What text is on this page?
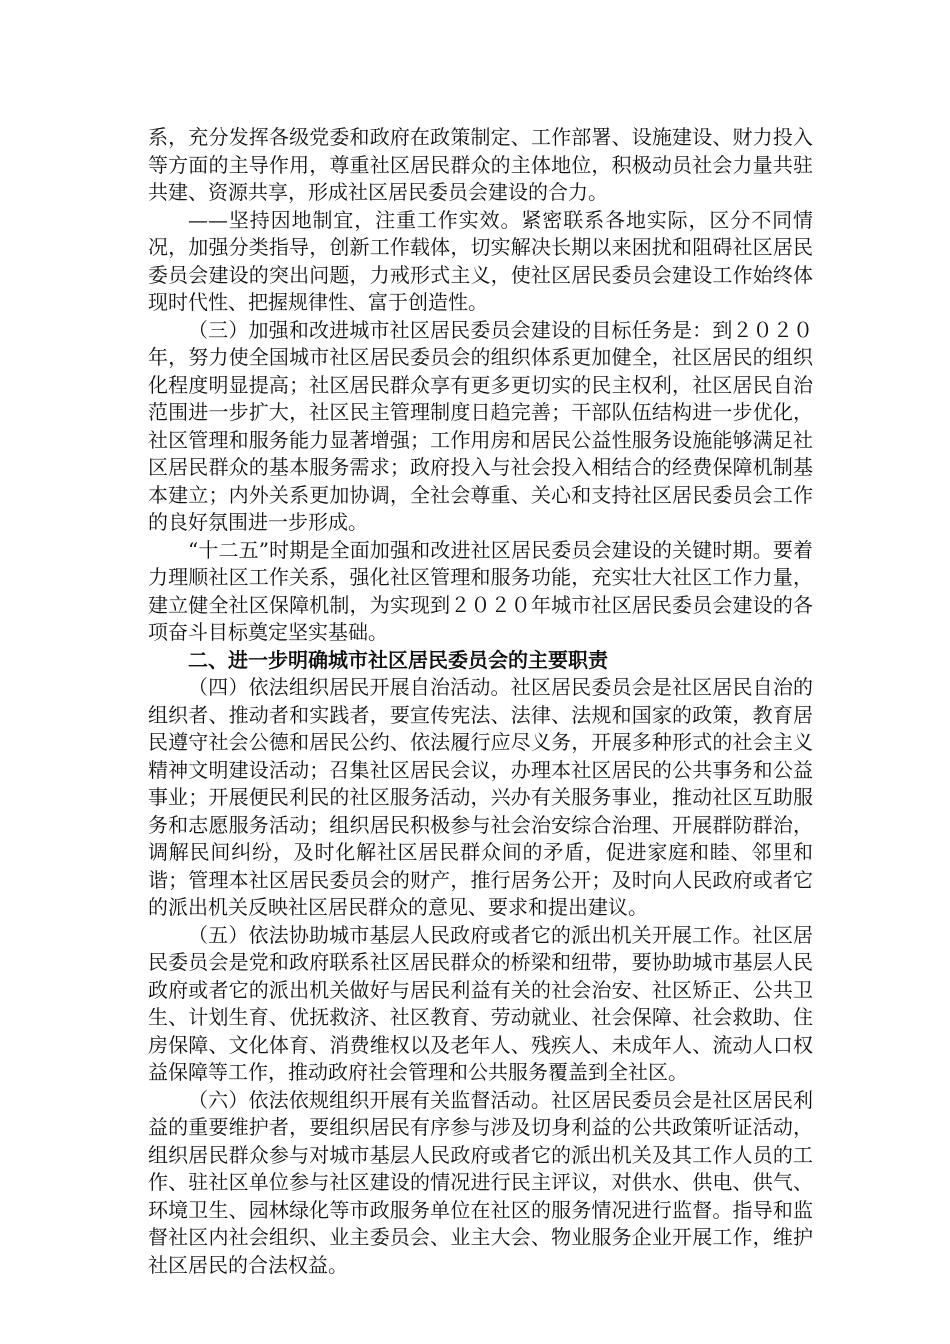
系，充分发挥各级党委和政府在政策制定、工作部署、设施建设、财力投入等方面的主导作用，尊重社区居民群众的主体地位，积极动员社会力量共驻共建、资源共享，形成社区居民委员会建设的合力。

——坚持因地制宜，注重工作实效。紧密联系各地实际，区分不同情况，加强分类指导，创新工作载体，切实解决长期以来困扰和阻碍社区居民委员会建设的突出问题，力戒形式主义，使社区居民委员会建设工作始终体现时代性、把握规律性、富于创造性。

（三）加强和改进城市社区居民委员会建设的目标任务是：到２０２０年，努力使全国城市社区居民委员会的组织体系更加健全，社区居民的组织化程度明显提高；社区居民群众享有更多更切实的民主权利，社区居民自治范围进一步扩大，社区民主管理制度日趋完善；干部队伍结构进一步优化，社区管理和服务能力显著增强；工作用房和居民公益性服务设施能够满足社区居民群众的基本服务需求；政府投入与社会投入相结合的经费保障机制基本建立；内外关系更加协调，全社会尊重、关心和支持社区居民委员会工作的良好氛围进一步形成。

“十二五”时期是全面加强和改进社区居民委员会建设的关键时期。要着力理顺社区工作关系，强化社区管理和服务功能，充实壮大社区工作力量，建立健全社区保障机制，为实现到２０２０年城市社区居民委员会建设的各项奋斗目标奠定坚实基础。

二、进一步明确城市社区居民委员会的主要职责

（四）依法组织居民开展自治活动。社区居民委员会是社区居民自治的组织者、推动者和实践者，要宣传宪法、法律、法规和国家的政策，教育居民遵守社会公德和居民公约、依法履行应尽义务，开展多种形式的社会主义精神文明建设活动；召集社区居民会议，办理本社区居民的公共事务和公益事业；开展便民利民的社区服务活动，兴办有关服务事业，推动社区互助服务和志愿服务活动；组织居民积极参与社会治安综合治理、开展群防群治，调解民间纠纷，及时化解社区居民群众间的矛盾，促进家庭和睦、邻里和谐；管理本社区居民委员会的财产，推行居务公开；及时向人民政府或者它的派出机关反映社区居民群众的意见、要求和提出建议。

（五）依法协助城市基层人民政府或者它的派出机关开展工作。社区居民委员会是党和政府联系社区居民群众的桥梁和纽带，要协助城市基层人民政府或者它的派出机关做好与居民利益有关的社会治安、社区矫正、公共卫生、计划生育、优抚救济、社区教育、劳动就业、社会保障、社会救助、住房保障、文化体育、消费维权以及老年人、残疾人、未成年人、流动人口权益保障等工作，推动政府社会管理和公共服务覆盖到全社区。

（六）依法依规组织开展有关监督活动。社区居民委员会是社区居民利益的重要维护者，要组织居民有序参与涉及切身利益的公共政策听证活动，组织居民群众参与对城市基层人民政府或者它的派出机关及其工作人员的工作、驻社区单位参与社区建设的情况进行民主评议，对供水、供电、供气、环境卫生、园林绿化等市政服务单位在社区的服务情况进行监督。指导和监督社区内社会组织、业主委员会、业主大会、物业服务企业开展工作，维护社区居民的合法权益。
